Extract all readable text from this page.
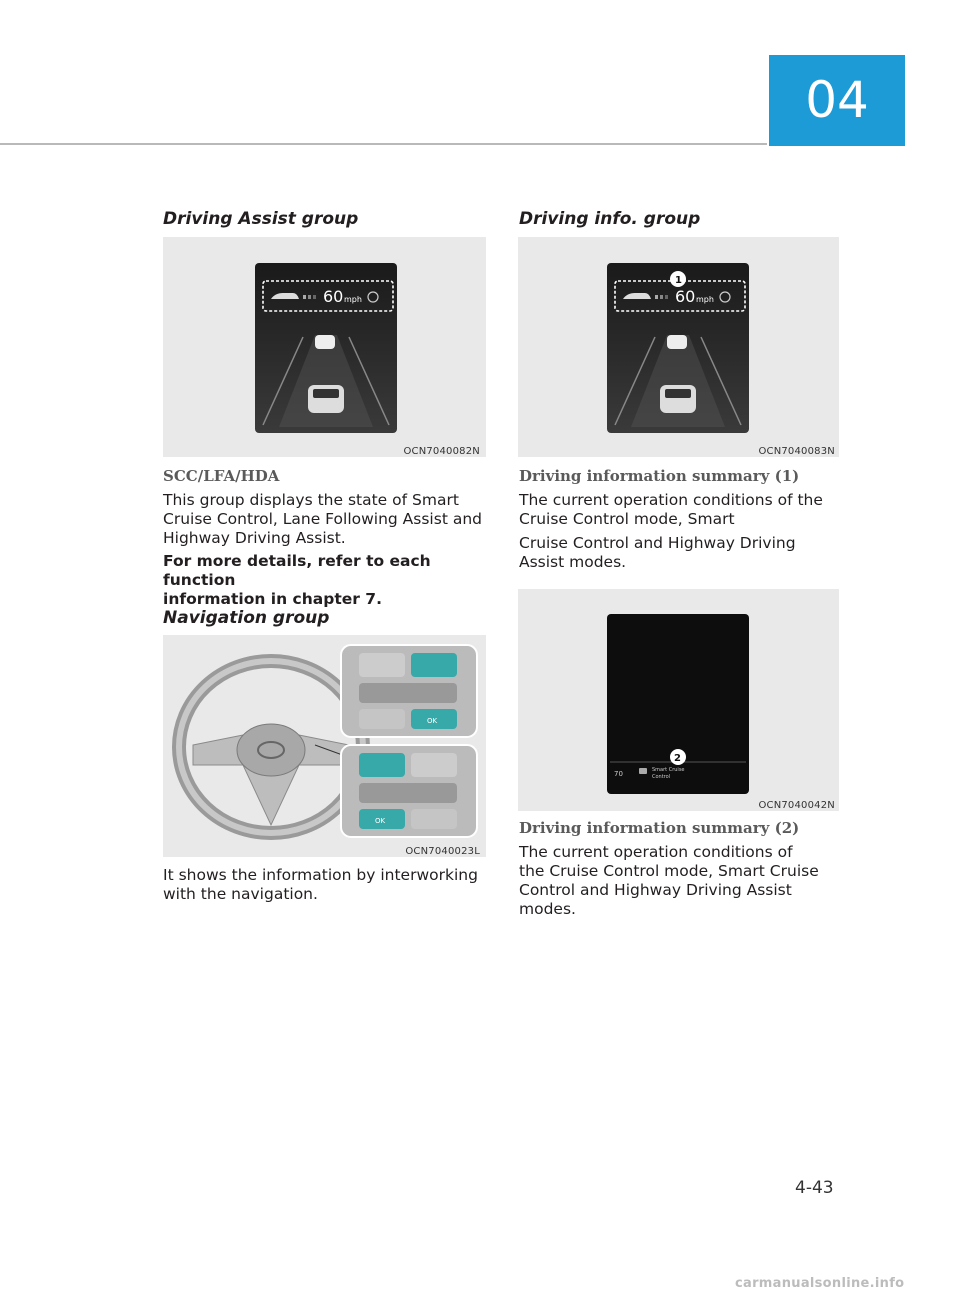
04
Driving Assist group
60 mph
OCN7040082N
SCC/LFA/HDA
This group displays the state of Smart
Cruise Control, Lane Following Assist and
Highway Driving Assist.
For more details, refer to each function
information in chapter 7.
Navigation group
OK
OK
OCN7040023L
It shows the information by interworking
with the navigation.
Driving info. group
1
60 mph
OCN7040083N
Driving information summary (1)
The current operation conditions of the
Cruise Control mode, Smart
Cruise Control and Highway Driving
Assist modes.
2
70	Smart Cruise
Control
OCN7040042N
Driving information summary (2)
The current operation conditions of
the Cruise Control mode, Smart Cruise
Control and Highway Driving Assist
modes.
4-43
carmanualsonline.info
